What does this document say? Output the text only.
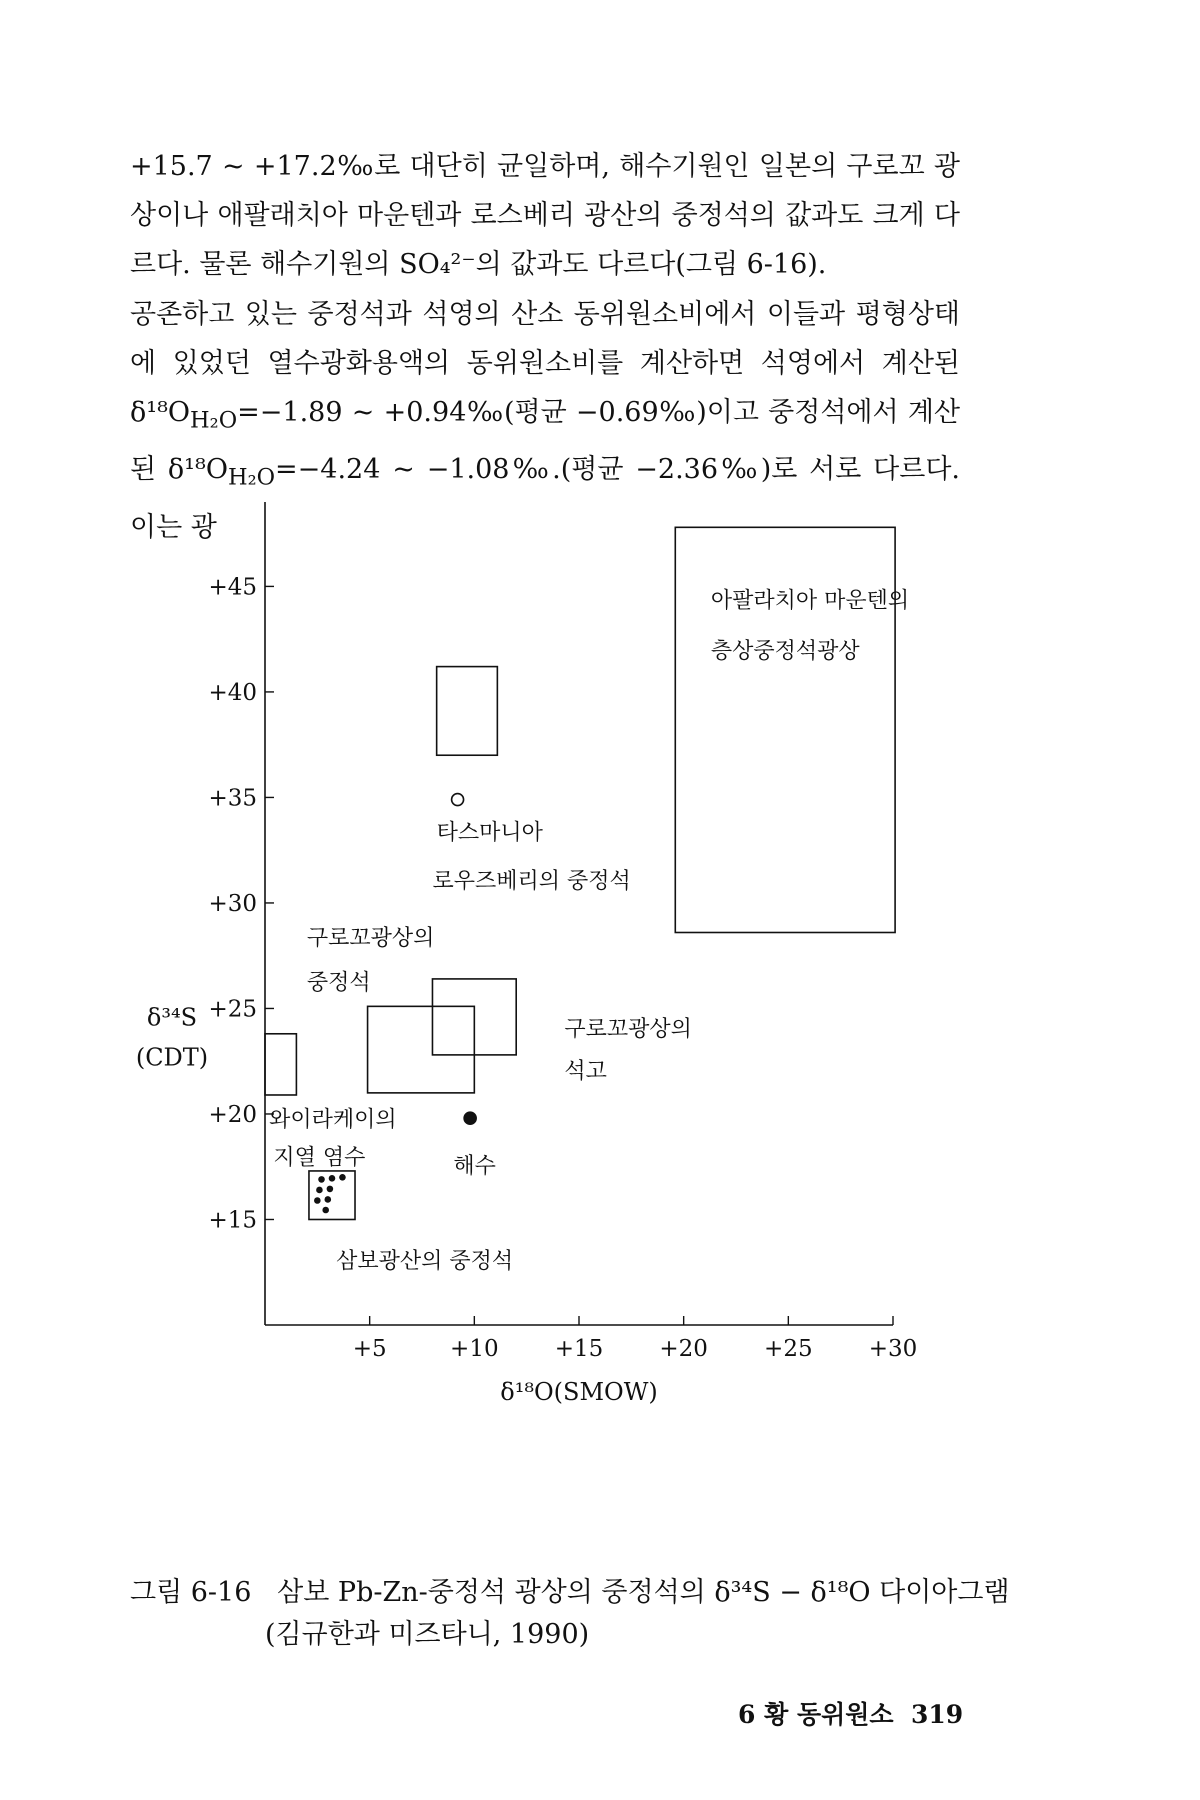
+15.7 ~ +17.2‰로 대단히 균일하며, 해수기원인 일본의 구로꼬 광상이나 애팔래치아 마운텐과 로스베리 광산의 중정석의 값과도 크게 다르다. 물론 해수기원의 SO₄²⁻의 값과도 다르다(그림 6-16).

공존하고 있는 중정석과 석영의 산소 동위원소비에서 이들과 평형상태에 있었던 열수광화용액의 동위원소비를 계산하면 석영에서 계산된 $\delta^{18}O_{H_2O}=-1.89$ ~ +0.94‰(평균 −0.69‰)이고 중정석에서 계산된 $\delta^{18}O_{H_2O}=-4.24$ ~ −1.08‰.(평균 −2.36‰)로 서로 다르다. 이는 광

+5	+10 +15 +20 +25 +30
+15
+20
+25
+30
+35
+40
+45
δ¹⁸O(SMOW)
δ³⁴S
(CDT)
아팔라치아 마운텐의
층상중정석광상
구로꼬광상의
중정석
구로꼬광상의
석고
와이라케이의
지열 염수
삼보광산의 중정석
타스마니아
로우즈베리의 중정석
해수
그림 6-16 삼보 Pb-Zn-중정석 광상의 중정석의 δ³⁴S − δ¹⁸O 다이아그램
(김규한과 미즈타니, 1990)
6 황 동위원소 319
